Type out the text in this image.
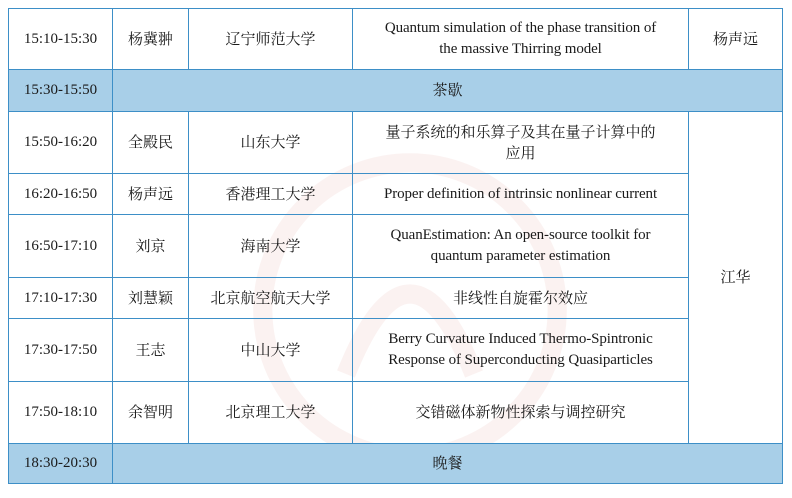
15:10-15:30	杨冀翀	辽宁师范大学	Quantum simulation of the phase transition of
the massive Thirring model	杨声远
15:30-15:50	茶歇			
15:50-16:20	全殿民	山东大学	量子系统的和乐算子及其在量子计算中的
应用	江华
16:20-16:50	杨声远	香港理工大学	Proper definition of intrinsic nonlinear current	
16:50-17:10	刘京	海南大学	QuanEstimation: An open-source toolkit for
quantum parameter estimation	

17:10-17:30	刘慧颖	北京航空航天大学	非线性自旋霍尔效应	
17:30-17:50	王志	中山大学	Berry Curvature Induced Thermo-Spintronic
Response of Superconducting Quasiparticles	

17:50-18:10	余智明	北京理工大学	交错磁体新物性探索与调控研究	
18:30-20:30	晚餐			
